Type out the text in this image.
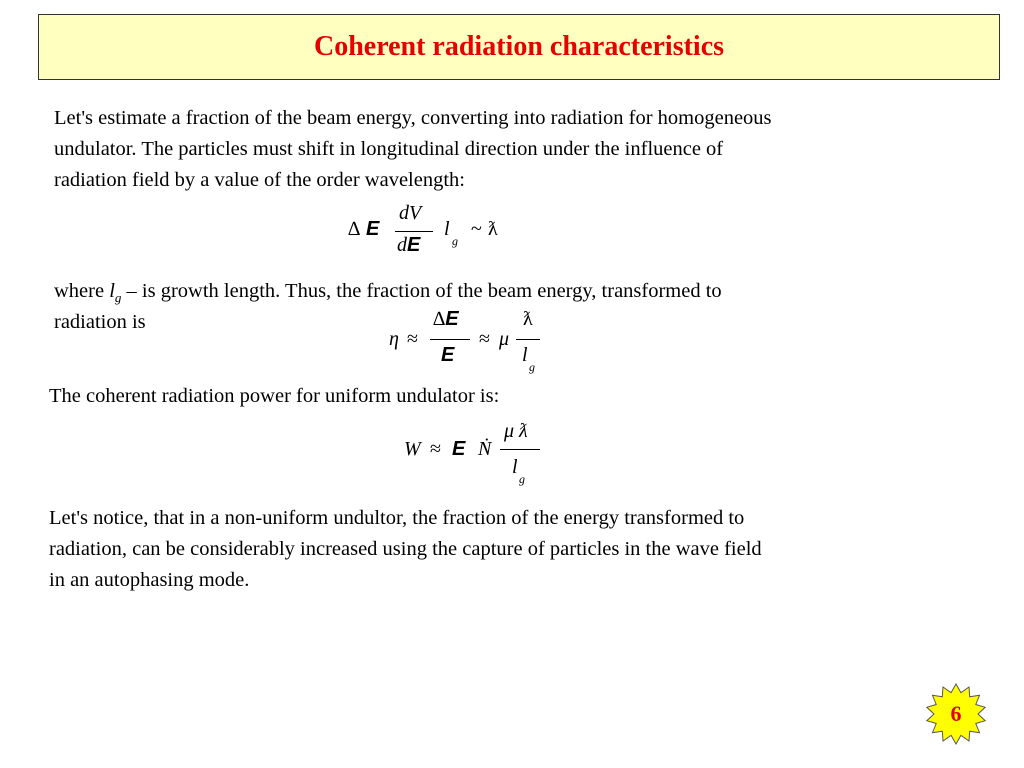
Coherent radiation characteristics
Let's estimate a fraction of the beam energy, converting into radiation for homogeneous
undulator. The particles must shift in longitudinal direction under the influence of
radiation field by a value of the order wavelength:
∆ E
dV
dE
l
g
~ ƛ
where $l_g$ – is growth length. Thus, the fraction of the beam energy, transformed to
radiation is
η ≈
∆E
E
≈ μ
ƛ
l
g
The coherent radiation power for uniform undulator is:
W ≈ E Ṅ
μ ƛ
l
g
Let's notice, that in a non-uniform undultor, the fraction of the energy transformed to
radiation, can be considerably increased using the capture of particles in the wave field
in an autophasing mode.
6
